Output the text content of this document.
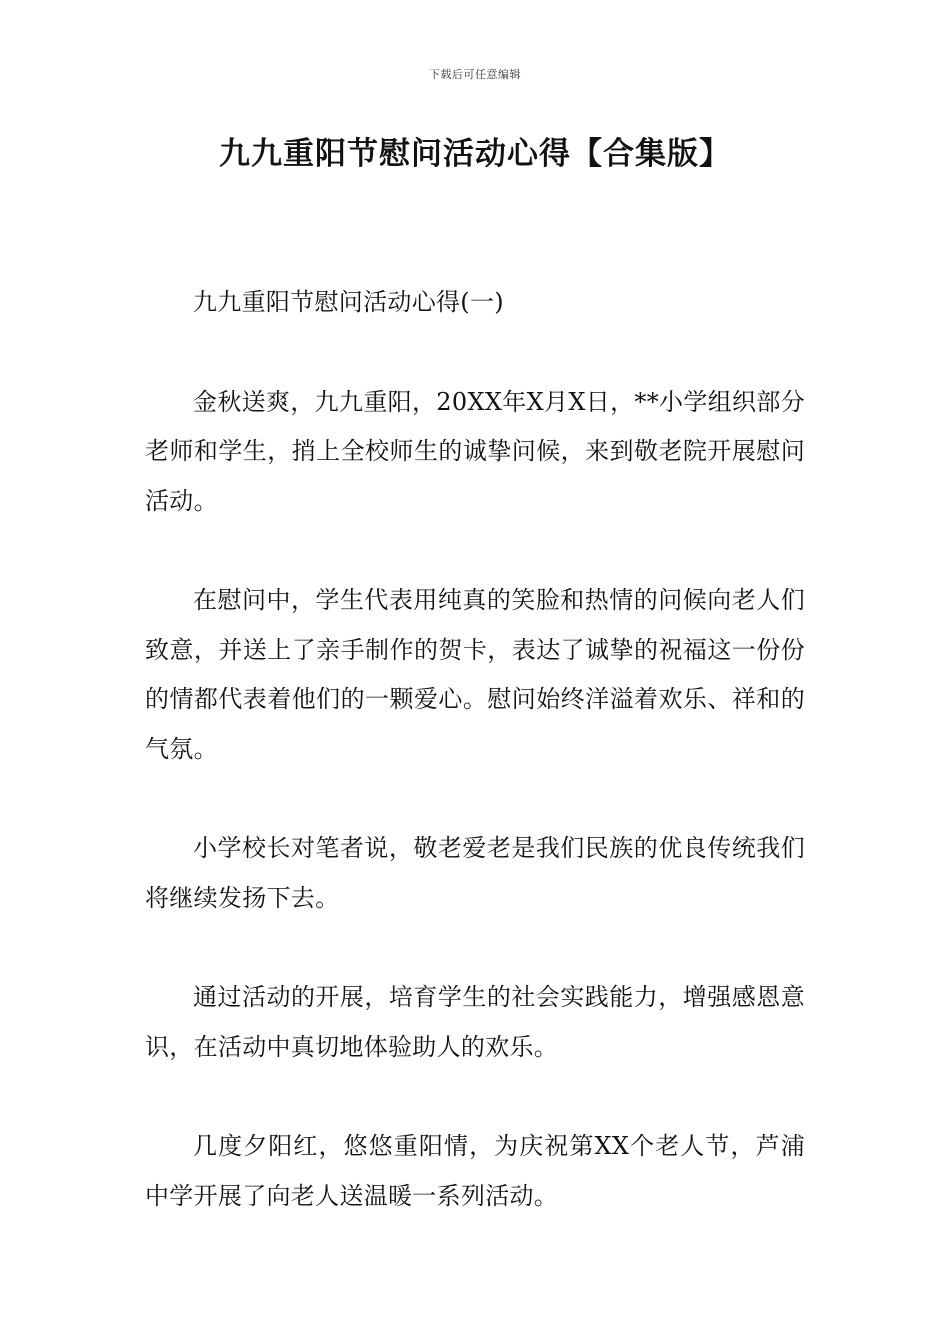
下载后可任意编辑
九九重阳节慰问活动心得【合集版】

九九重阳节慰问活动心得(一)

金秋送爽，九九重阳，20XX年X月X日，**小学组织部分老师和学生，捎上全校师生的诚挚问候，来到敬老院开展慰问活动。

在慰问中，学生代表用纯真的笑脸和热情的问候向老人们致意，并送上了亲手制作的贺卡，表达了诚挚的祝福这一份份的情都代表着他们的一颗爱心。慰问始终洋溢着欢乐、祥和的气氛。

小学校长对笔者说，敬老爱老是我们民族的优良传统我们将继续发扬下去。

通过活动的开展，培育学生的社会实践能力，增强感恩意识，在活动中真切地体验助人的欢乐。

几度夕阳红，悠悠重阳情，为庆祝第XX个老人节，芦浦中学开展了向老人送温暖一系列活动。
